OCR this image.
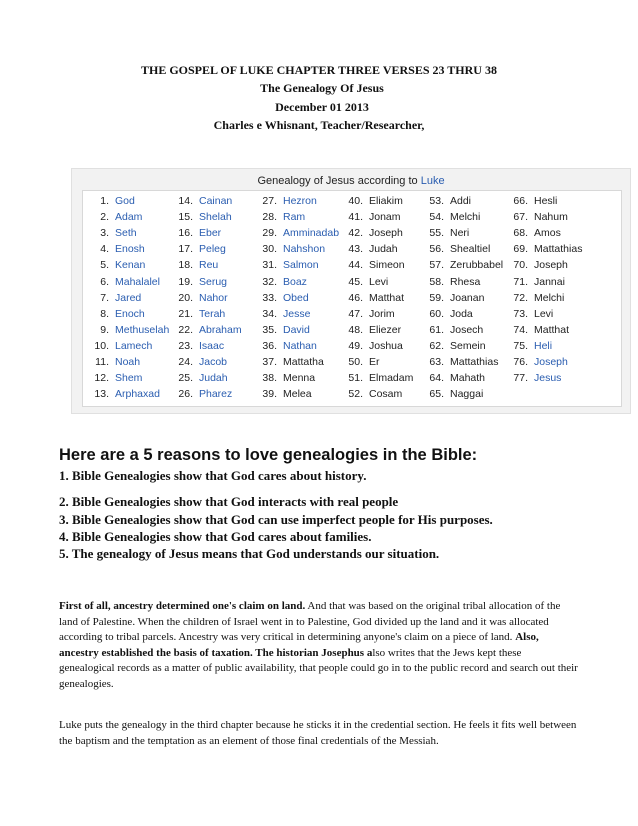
THE GOSPEL OF LUKE CHAPTER THREE VERSES 23 THRU 38
The Genealogy Of Jesus
December 01 2013
Charles e Whisnant, Teacher/Researcher,
Genealogy of Jesus according to Luke
1. God
2. Adam
3. Seth
4. Enosh
5. Kenan
6. Mahalalel
7. Jared
8. Enoch
9. Methuselah
10. Lamech
11. Noah
12. Shem
13. Arphaxad
14. Cainan
15. Shelah
16. Eber
17. Peleg
18. Reu
19. Serug
20. Nahor
21. Terah
22. Abraham
23. Isaac
24. Jacob
25. Judah
26. Pharez
27. Hezron
28. Ram
29. Amminadab
30. Nahshon
31. Salmon
32. Boaz
33. Obed
34. Jesse
35. David
36. Nathan
37. Mattatha
38. Menna
39. Melea
40. Eliakim
41. Jonam
42. Joseph
43. Judah
44. Simeon
45. Levi
46. Matthat
47. Jorim
48. Eliezer
49. Joshua
50. Er
51. Elmadam
52. Cosam
53. Addi
54. Melchi
55. Neri
56. Shealtiel
57. Zerubbabel
58. Rhesa
59. Joanan
60. Joda
61. Josech
62. Semein
63. Mattathias
64. Mahath
65. Naggai
66. Hesli
67. Nahum
68. Amos
69. Mattathias
70. Joseph
71. Jannai
72. Melchi
73. Levi
74. Matthat
75. Heli
76. Joseph
77. Jesus
Here are a 5 reasons to love genealogies in the Bible:
1. Bible Genealogies show that God cares about history.
2. Bible Genealogies show that God interacts with real people
3. Bible Genealogies show that God can use imperfect people for His purposes.
4. Bible Genealogies show that God cares about families.
5. The genealogy of Jesus means that God understands our situation.
First of all, ancestry determined one's claim on land. And that was based on the original tribal allocation of the land of Palestine. When the children of Israel went in to Palestine, God divided up the land and it was allocated according to tribal parcels. Ancestry was very critical in determining anyone's claim on a piece of land. Also, ancestry established the basis of taxation. The historian Josephus also writes that the Jews kept these genealogical records as a matter of public availability, that people could go in to the public record and search out their genealogies.
Luke puts the genealogy in the third chapter because he sticks it in the credential section. He feels it fits well between the baptism and the temptation as an element of those final credentials of the Messiah.
